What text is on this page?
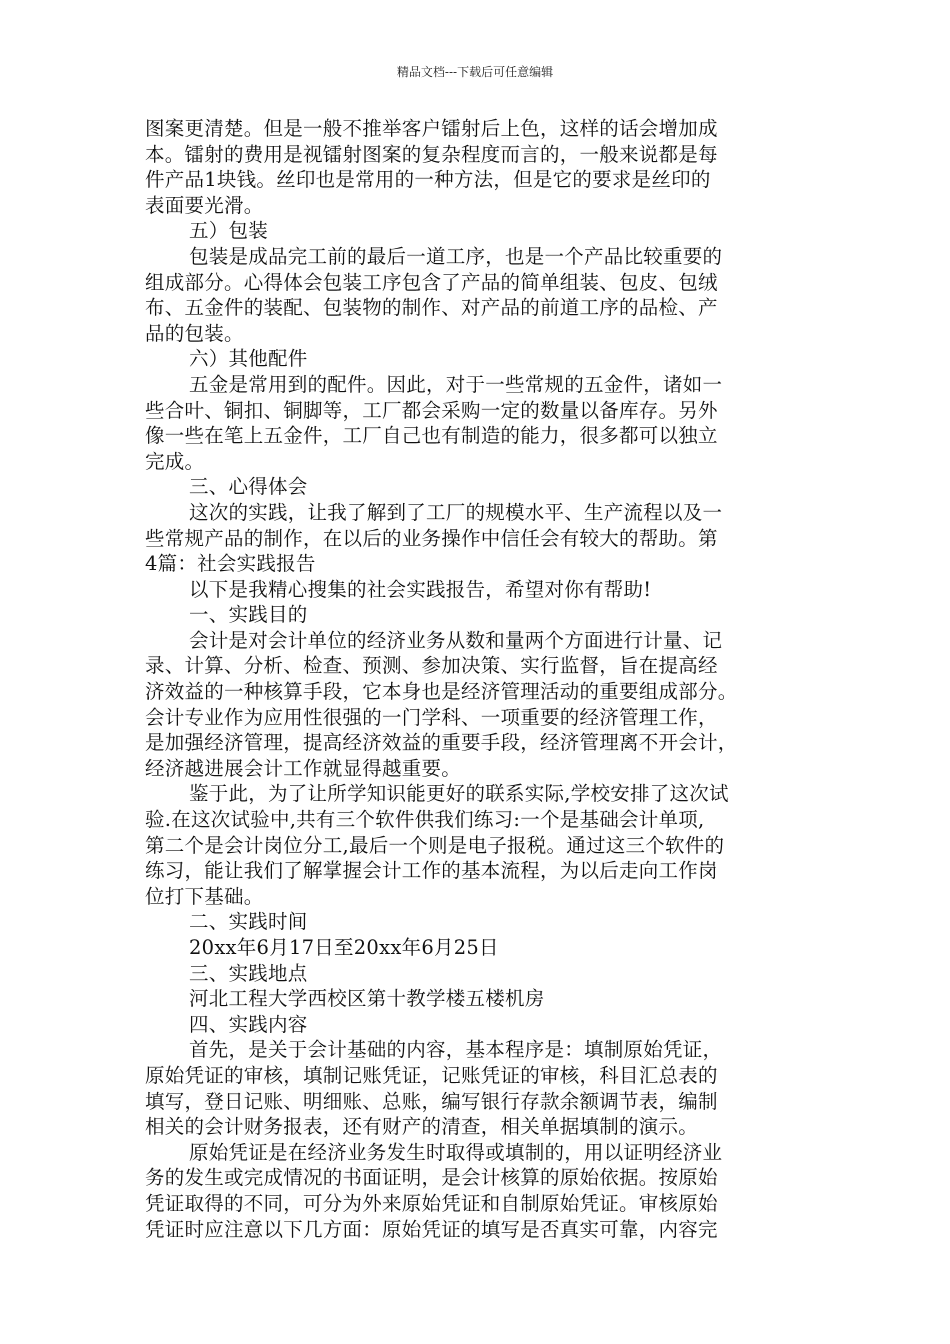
精品文档---下载后可任意编辑
图案更清楚。但是一般不推举客户镭射后上色，这样的话会增加成
本。镭射的费用是视镭射图案的复杂程度而言的，一般来说都是每
件产品1块钱。丝印也是常用的一种方法，但是它的要求是丝印的
表面要光滑。
五）包装
包装是成品完工前的最后一道工序，也是一个产品比较重要的
组成部分。心得体会包装工序包含了产品的简单组装、包皮、包绒
布、五金件的装配、包装物的制作、对产品的前道工序的品检、产
品的包装。
六）其他配件
五金是常用到的配件。因此，对于一些常规的五金件，诸如一
些合叶、铜扣、铜脚等，工厂都会采购一定的数量以备库存。另外
像一些在笔上五金件，工厂自己也有制造的能力，很多都可以独立
完成。
三、心得体会
这次的实践，让我了解到了工厂的规模水平、生产流程以及一
些常规产品的制作，在以后的业务操作中信任会有较大的帮助。第
4篇：社会实践报告
以下是我精心搜集的社会实践报告，希望对你有帮助!
一、实践目的
会计是对会计单位的经济业务从数和量两个方面进行计量、记
录、计算、分析、检查、预测、参加决策、实行监督，旨在提高经
济效益的一种核算手段，它本身也是经济管理活动的重要组成部分。
会计专业作为应用性很强的一门学科、一项重要的经济管理工作，
是加强经济管理，提高经济效益的重要手段，经济管理离不开会计，
经济越进展会计工作就显得越重要。
鉴于此，为了让所学知识能更好的联系实际,学校安排了这次试
验.在这次试验中,共有三个软件供我们练习:一个是基础会计单项,
第二个是会计岗位分工,最后一个则是电子报税。通过这三个软件的
练习，能让我们了解掌握会计工作的基本流程，为以后走向工作岗
位打下基础。
二、实践时间
20xx年6月17日至20xx年6月25日
三、实践地点
河北工程大学西校区第十教学楼五楼机房
四、实践内容
首先，是关于会计基础的内容，基本程序是：填制原始凭证，
原始凭证的审核，填制记账凭证，记账凭证的审核，科目汇总表的
填写，登日记账、明细账、总账，编写银行存款余额调节表，编制
相关的会计财务报表，还有财产的清查，相关单据填制的演示。
原始凭证是在经济业务发生时取得或填制的，用以证明经济业
务的发生或完成情况的书面证明，是会计核算的原始依据。按原始
凭证取得的不同，可分为外来原始凭证和自制原始凭证。审核原始
凭证时应注意以下几方面：原始凭证的填写是否真实可靠，内容完
